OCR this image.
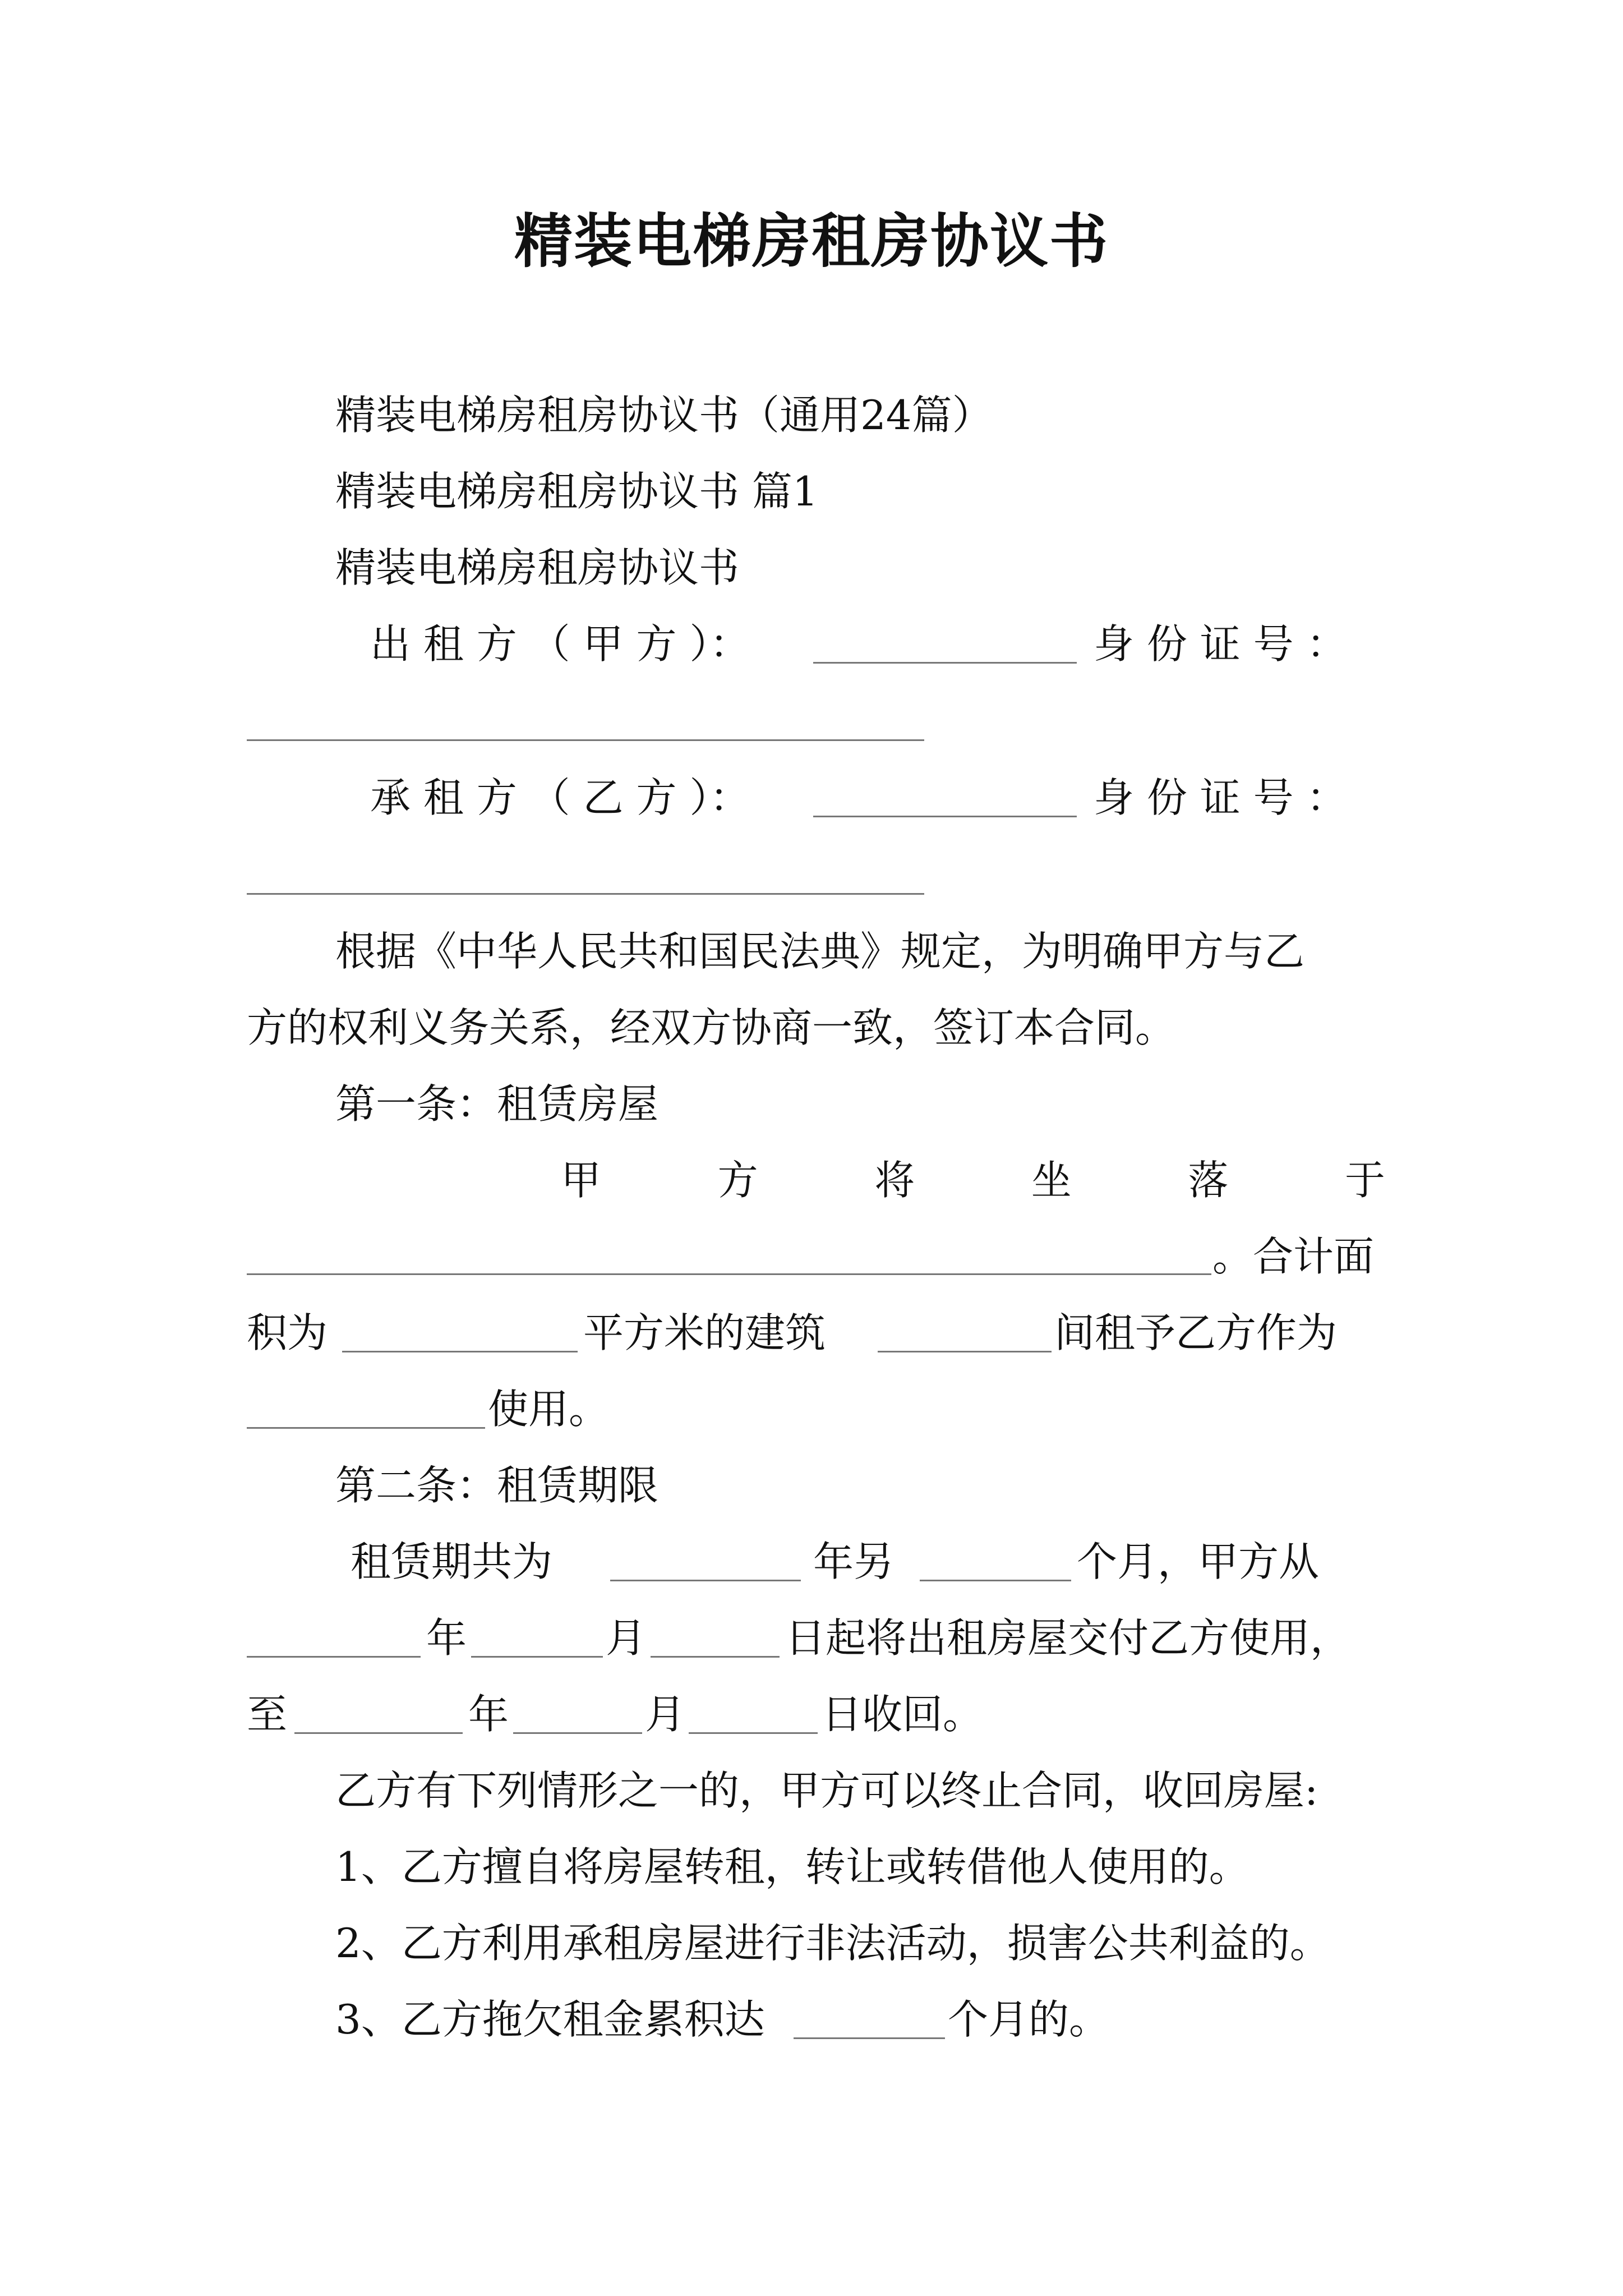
精装电梯房租房协议书
精装电梯房租房协议书（通用24篇）
精装电梯房租房协议书 篇1
精装电梯房租房协议书
出 租 方 （ 甲 方 ）：	身 份 证 号 ：
承 租 方 （ 乙 方 ）：	身 份 证 号 ：
根据《中华人民共和国民法典》规定，为明确甲方与乙
方的权利义务关系，经双方协商一致，签订本合同。
第一条：租赁房屋
甲	方	将	坐	落	于
。合计面
积为	平方米的建筑	间租予乙方作为
使用。
第二条：租赁期限
租赁期共为	年另	个月，甲方从
年	月	日起将出租房屋交付乙方使用，
至	年	月	日收回。
乙方有下列情形之一的，甲方可以终止合同，收回房屋:
1、乙方擅自将房屋转租，转让或转借他人使用的。
2、乙方利用承租房屋进行非法活动，损害公共利益的。
3、乙方拖欠租金累积达	个月的。
